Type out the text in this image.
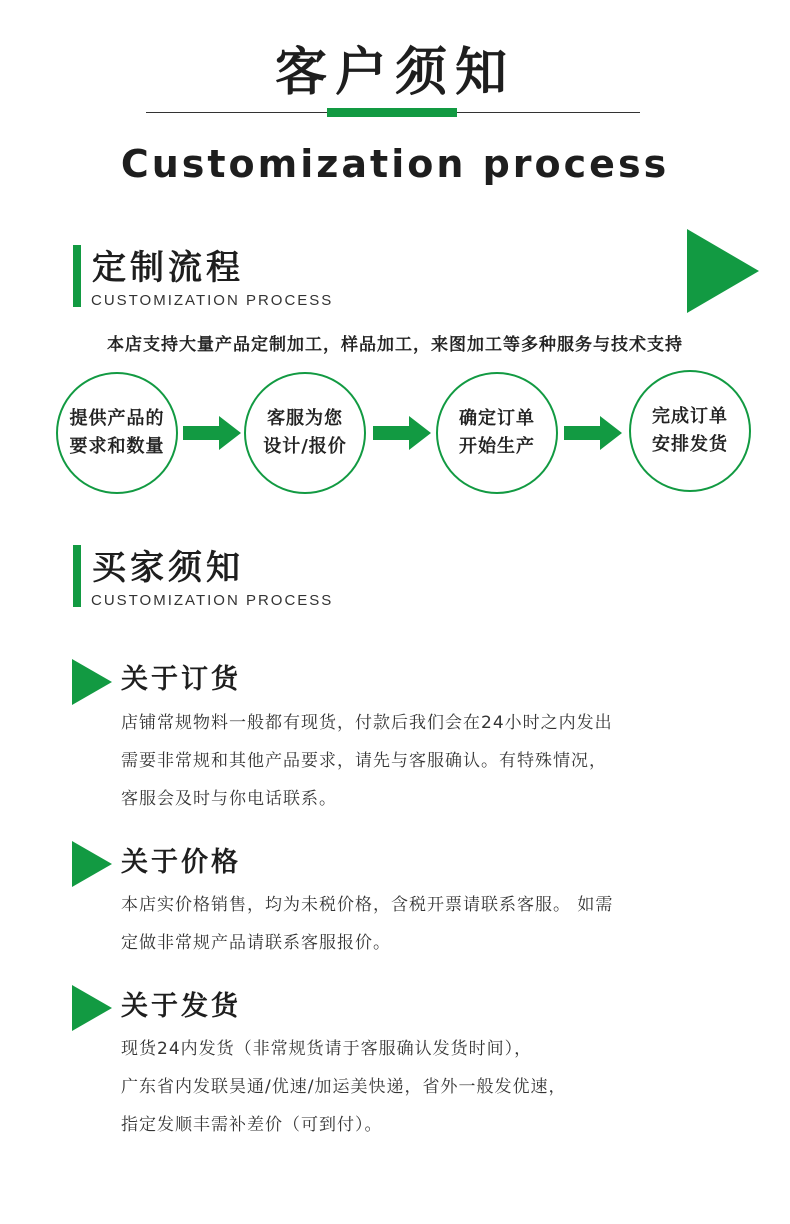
客户须知
Customization process
定制流程
CUSTOMIZATION PROCESS
本店支持大量产品定制加工，样品加工，来图加工等多种服务与技术支持
提供产品的
要求和数量
客服为您
设计/报价
确定订单
开始生产
完成订单
安排发货
买家须知
CUSTOMIZATION PROCESS
关于订货
店铺常规物料一般都有现货，付款后我们会在24小时之内发出
需要非常规和其他产品要求，请先与客服确认。有特殊情况，
客服会及时与你电话联系。
关于价格
本店实价格销售，均为未税价格，含税开票请联系客服。 如需
定做非常规产品请联系客服报价。
关于发货
现货24内发货（非常规货请于客服确认发货时间），
广东省内发联昊通/优速/加运美快递，省外一般发优速，
指定发顺丰需补差价（可到付）。
